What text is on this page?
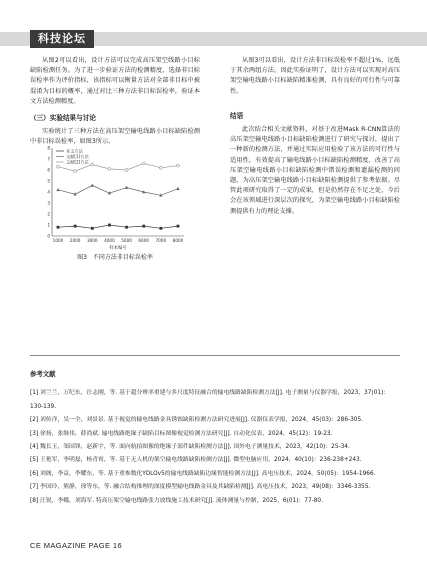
科技论坛

从图2可以看出，设计方法可以完成高压架空线路小目标缺陷检测任务。为了进一步验证方法的检测精度，选择非目标误检率作为评价指标，该指标可以衡量方法对全部非目标中被混淆为目标的概率，通过对比三种方法非目标误检率，验证本文方法检测精度。

（三）实验结果与讨论

实验统计了三种方法在高压架空输电线路小目标缺陷检测中非目标误检率，如图3所示。

0
1
2
3
4
5
6
7
8
1000 2000 3000 4000 5000 6000 7000 8000
样本编号
本文方法
文献[1]方法
文献[2]方法
图3　不同方法非目标误检率

从图3可以看出，设计方法非目标误检率不超过1%，远低于其余两组方法。因此实验证明了，设计方法可以实现对高压架空输电线路小目标缺陷精准检测，具有良好的可行性与可靠性。

结语

此次结合相关文献资料，对基于改进Mask R-CNN算法的高压架空输电线路小目标缺陷检测进行了研究与探讨，提出了一种新的检测方法，并通过实际应用检验了该方法的可行性与适用性，有效提高了输电线路小目标缺陷检测精度，改善了高压架空输电线路小目标缺陷检测中错误检测和遗漏检测的问题，为高压架空输电线路小目标缺陷检测提供了参考依据。尽管此项研究取得了一定的成果，但是仍然存在不足之处，今后会在该领域进行深层次的探究，为架空输电线路小目标缺陷检测提供有力的理论支撑。

参考文献

[1] 刘兰兰，万纪东，汪志刚，等. 基于超分辨率重建与多尺度特征融合的输电线路缺陷检测方法[J]. 电子测量与仪器学报，2023，37(01)：130-139.

[2] 刘传洋，吴一全，刘景景. 基于视觉的输电线路金具锈蚀缺陷检测方法研究进展[J]. 仪器仪表学报，2024，45(03)：286-305.

[3] 徐扬，张继伟，薛尚斌. 输电线路绝缘子缺陷目标图像视觉检测方法研究[J]. 自动化仪表，2024，45(12)：19-23.

[4] 魏长玉，邹国锋，赵新宇，等. 面向航拍图像的绝缘子部件缺陷检测方法[J]. 国外电子测量技术，2023，42(10)：25-34.

[5] 王艳军，李明磊，杨青霄，等. 基于无人机的架空输电线路缺陷检测方法[J]. 微型电脑应用，2024，40(10)：236-238+243.

[6] 刘阁，李益，李耀东，等. 基于重参数化YOLOv5的输电线路缺陷边缘智能检测方法[J]. 高电压技术，2024，50(05)：1954-1966.

[7] 李国玲，熊静，徐等东，等. 融合结构推理的深度模型输电线路金具及其缺陷检测[J]. 高电压技术，2023，49(08)：3346-3355.

[8] 汪锐，李娜，刘海军. 特高压架空输电线路张力放线施工技术研究[J]. 流体测量与控制，2025，6(01)：77-80.

CE MAGAZINE PAGE 16
